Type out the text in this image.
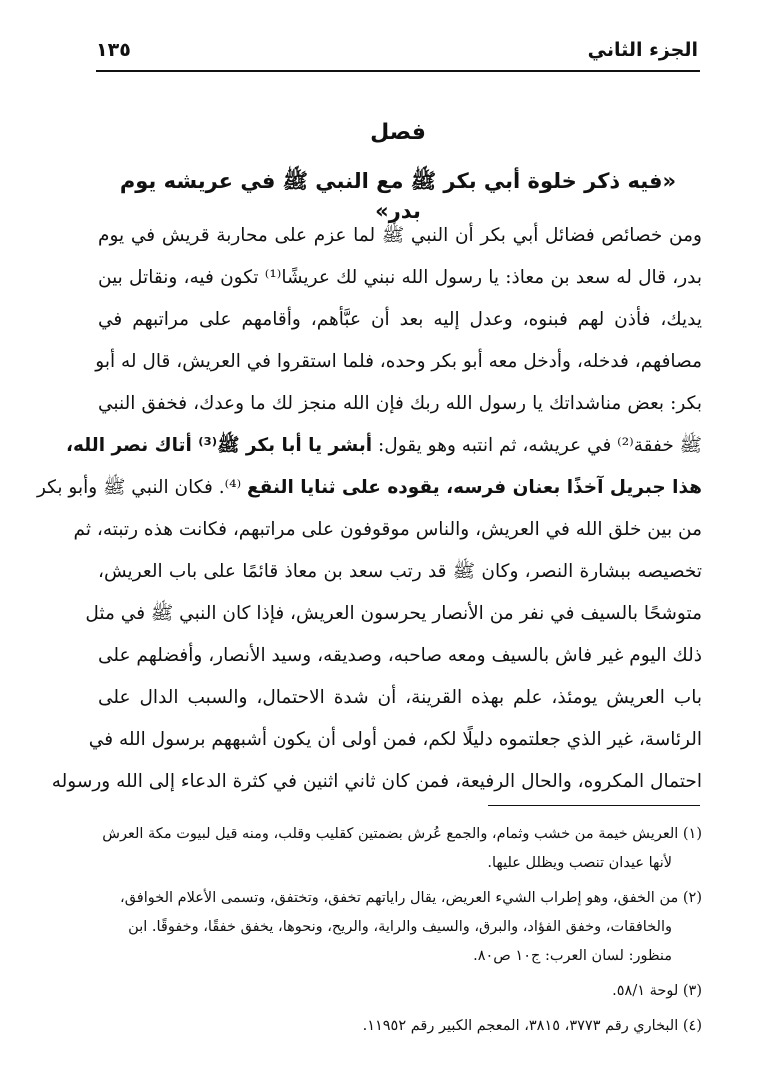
الجزء الثاني
١٣٥
فصل
«فيه ذكر خلوة أبي بكر ﷺ مع النبي ﷺ في عريشه يوم بدر»
ومن خصائص فضائل أبي بكر أن النبي ﷺ لما عزم على محاربة قريش في يوم
بدر، قال له سعد بن معاذ: يا رسول الله نبني لك عريشًا⁽¹⁾ تكون فيه، ونقاتل بين
يديك، فأذن لهم فبنوه، وعدل إليه بعد أن عبَّأهم، وأقامهم على مراتبهم في
مصافهم، فدخله، وأدخل معه أبو بكر وحده، فلما استقروا في العريش، قال له أبو
بكر: بعض مناشداتك يا رسول الله ربك فإن الله منجز لك ما وعدك، فخفق النبي
ﷺ خفقة⁽²⁾ في عريشه، ثم انتبه وهو يقول: أبشر يا أبا بكر ﷺ⁽³⁾ أتاك نصر الله،
هذا جبريل آخذًا بعنان فرسه، يقوده على ثنايا النقع ⁽⁴⁾. فكان النبي ﷺ وأبو بكر
من بين خلق الله في العريش، والناس موقوفون على مراتبهم، فكانت هذه رتبته، ثم
تخصيصه ببشارة النصر، وكان ﷺ قد رتب سعد بن معاذ قائمًا على باب العريش،
متوشحًا بالسيف في نفر من الأنصار يحرسون العريش، فإذا كان النبي ﷺ في مثل
ذلك اليوم غير فاش بالسيف ومعه صاحبه، وصديقه، وسيد الأنصار، وأفضلهم على
باب العريش يومئذ، علم بهذه القرينة، أن شدة الاحتمال، والسبب الدال على
الرئاسة، غير الذي جعلتموه دليلًا لكم، فمن أولى أن يكون أشبههم برسول الله في
احتمال المكروه، والحال الرفيعة، فمن كان ثاني اثنين في كثرة الدعاء إلى الله ورسوله
(١) العريش خيمة من خشب وثمام، والجمع عُرش بضمتين كقليب وقلب، ومنه قيل لبيوت مكة العرش
لأنها عيدان تنصب ويظلل عليها.
(٢) من الخفق، وهو إطراب الشيء العريض، يقال راياتهم تخفق، وتختفق، وتسمى الأعلام الخوافق،
والخافقات، وخفق الفؤاد، والبرق، والسيف والراية، والريح، ونحوها، يخفق خفقًا، وخفوقًا. ابن
منظور: لسان العرب: ج١٠ ص٨٠.
(٣) لوحة ٥٨/١.
(٤) البخاري رقم ٣٧٧٣، ٣٨١٥، المعجم الكبير رقم ١١٩٥٢.
